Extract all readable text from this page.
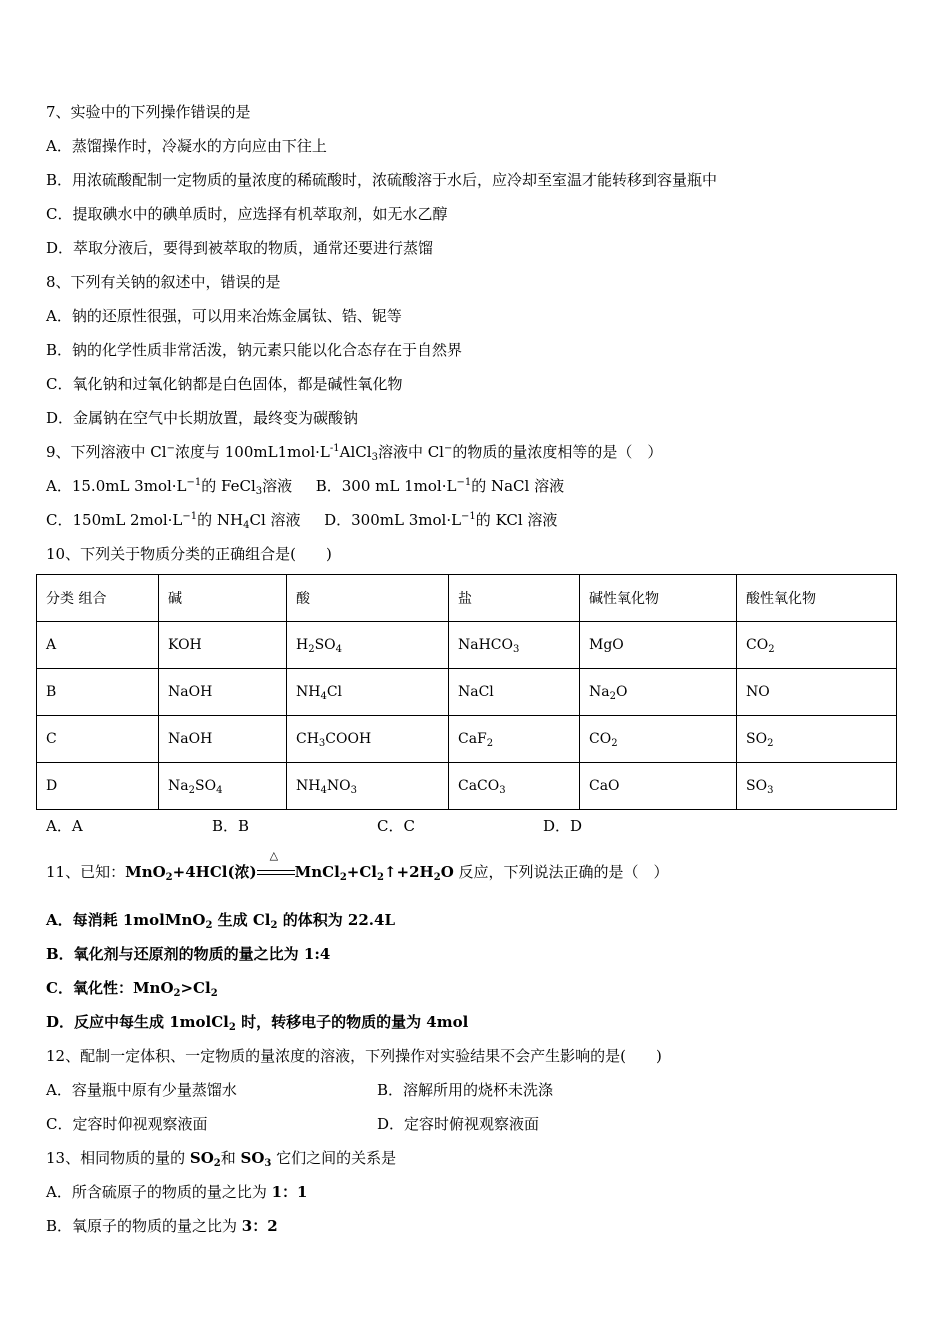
7、实验中的下列操作错误的是
A．蒸馏操作时，冷凝水的方向应由下往上
B．用浓硫酸配制一定物质的量浓度的稀硫酸时，浓硫酸溶于水后，应冷却至室温才能转移到容量瓶中
C．提取碘水中的碘单质时，应选择有机萃取剂，如无水乙醇
D．萃取分液后，要得到被萃取的物质，通常还要进行蒸馏
8、下列有关钠的叙述中，错误的是
A．钠的还原性很强，可以用来冶炼金属钛、锆、铌等
B．钠的化学性质非常活泼，钠元素只能以化合态存在于自然界
C．氧化钠和过氧化钠都是白色固体，都是碱性氧化物
D．金属钠在空气中长期放置，最终变为碳酸钠
9、下列溶液中 Cl−浓度与 $100mL1mol\cdot L^{-1}AlCl_3$溶液中 Cl−的物质的量浓度相等的是（　）
A．15.0mL $3mol\cdot L^{-1}$的 FeCl$_3$溶液 B．300 mL $1mol\cdot L^{-1}$的 NaCl 溶液
C．150mL $2mol\cdot L^{-1}$的 $NH_4Cl$ 溶液 D．300mL $3mol\cdot L^{-1}$的 KCl 溶液
10、下列关于物质分类的正确组合是(　　)
分类 组合	碱	酸	盐	碱性氧化物	酸性氧化物
A	KOH	$H_2SO_4$	NaHCO$_3$	MgO	$CO_2$
B	NaOH	$NH_4Cl$	NaCl	$Na_2O$	NO
C	NaOH	$CH_3COOH$	CaF$_2$	$CO_2$	$SO_2$
D	$Na_2SO_4$	$NH_4NO_3$	CaCO$_3$	CaO	$SO_3$
A．A	B．B	C．C	D．D
11、已知：MnO$_2$+4HCl(浓)
△
$MnCl_2+Cl_2↑+2H_2O$ 反应，下列说法正确的是（　）
A．每消耗 1molMnO$_2$ 生成 $Cl_2$ 的体积为 22.4L
B．氧化剂与还原剂的物质的量之比为 1:4
C．氧化性：$MnO_2>Cl_2$
D．反应中每生成 1molCl$_2$ 时，转移电子的物质的量为 4mol
12、配制一定体积、一定物质的量浓度的溶液，下列操作对实验结果不会产生影响的是(　　)
A．容量瓶中原有少量蒸馏水	B．溶解所用的烧杯未洗涤
C．定容时仰视观察液面	D．定容时俯视观察液面
13、相同物质的量的 $SO_2$和 $SO_3$ 它们之间的关系是
A．所含硫原子的物质的量之比为 1：1
B．氧原子的物质的量之比为 3：2
